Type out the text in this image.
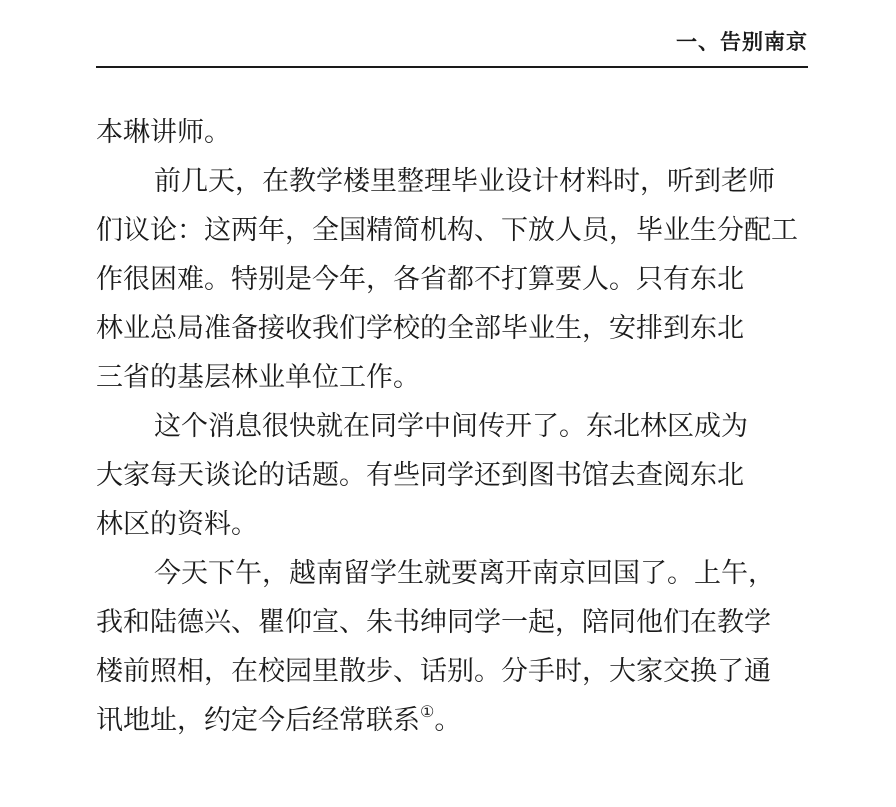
一、告别南京
本琳讲师。
前几天，在教学楼里整理毕业设计材料时，听到老师
们议论：这两年，全国精简机构、下放人员，毕业生分配工
作很困难。特别是今年，各省都不打算要人。只有东北
林业总局准备接收我们学校的全部毕业生，安排到东北
三省的基层林业单位工作。
这个消息很快就在同学中间传开了。东北林区成为
大家每天谈论的话题。有些同学还到图书馆去查阅东北
林区的资料。
今天下午，越南留学生就要离开南京回国了。上午，
我和陆德兴、瞿仰宣、朱书绅同学一起，陪同他们在教学
楼前照相，在校园里散步、话别。分手时，大家交换了通
讯地址，约定今后经常联系①。
